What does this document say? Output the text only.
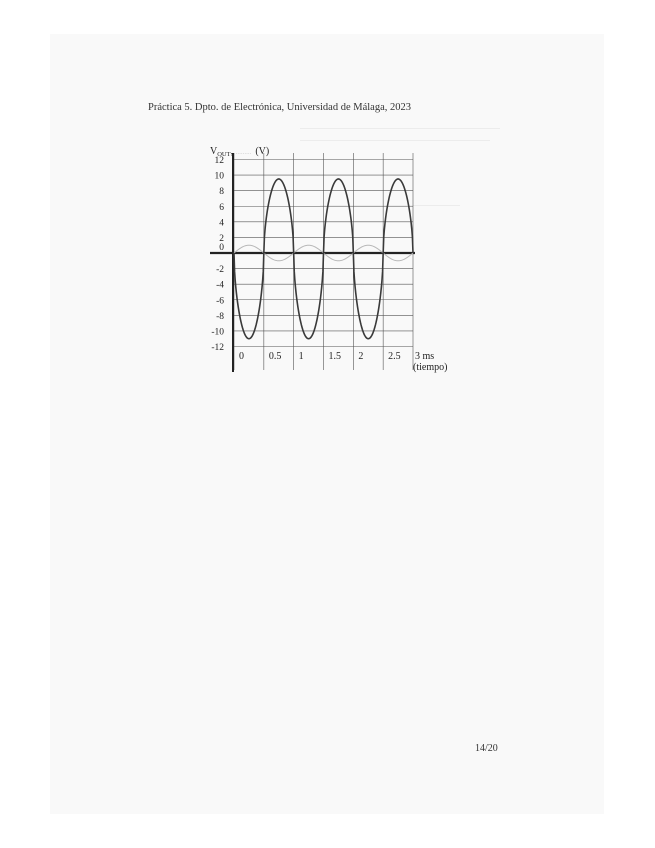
Práctica 5. Dpto. de Electrónica, Universidad de Málaga, 2023
12
10
8
6
4
2
0
-2
-4
-6
-8
-10
-12
0 0.5 1 1.5 2 2.5
$V_{OUT}$, ......... (V)
3 ms
(tiempo)
14/20
